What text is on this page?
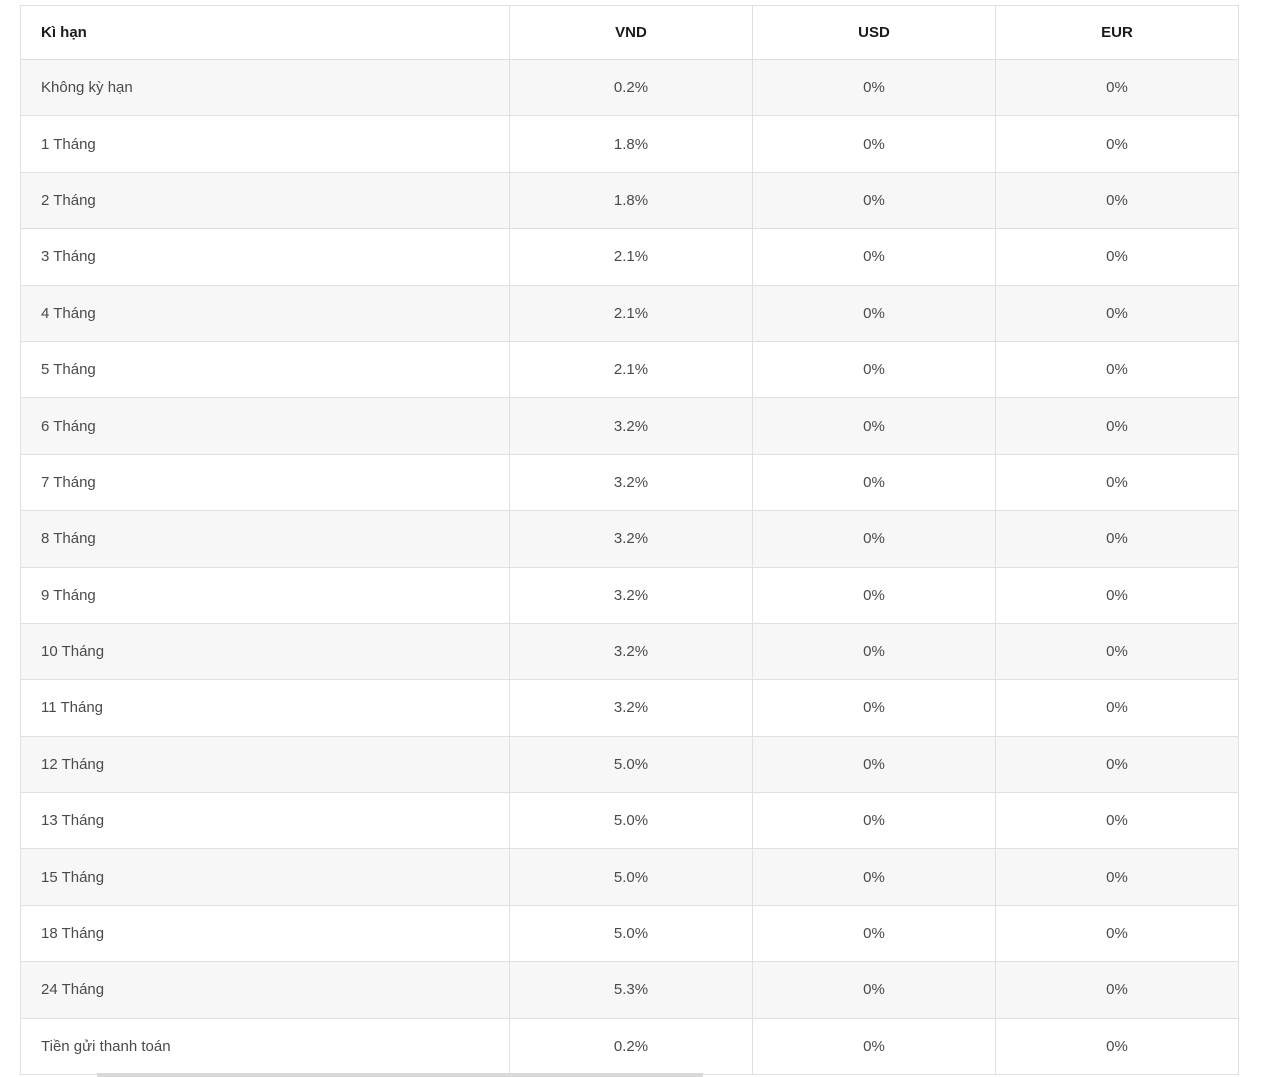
Kì hạn	VND	USD	EUR
Không kỳ hạn	0.2%	0%	0%
1 Tháng	1.8%	0%	0%
2 Tháng	1.8%	0%	0%
3 Tháng	2.1%	0%	0%
4 Tháng	2.1%	0%	0%
5 Tháng	2.1%	0%	0%
6 Tháng	3.2%	0%	0%
7 Tháng	3.2%	0%	0%
8 Tháng	3.2%	0%	0%
9 Tháng	3.2%	0%	0%
10 Tháng	3.2%	0%	0%
11 Tháng	3.2%	0%	0%
12 Tháng	5.0%	0%	0%
13 Tháng	5.0%	0%	0%
15 Tháng	5.0%	0%	0%
18 Tháng	5.0%	0%	0%
24 Tháng	5.3%	0%	0%
Tiền gửi thanh toán	0.2%	0%	0%
